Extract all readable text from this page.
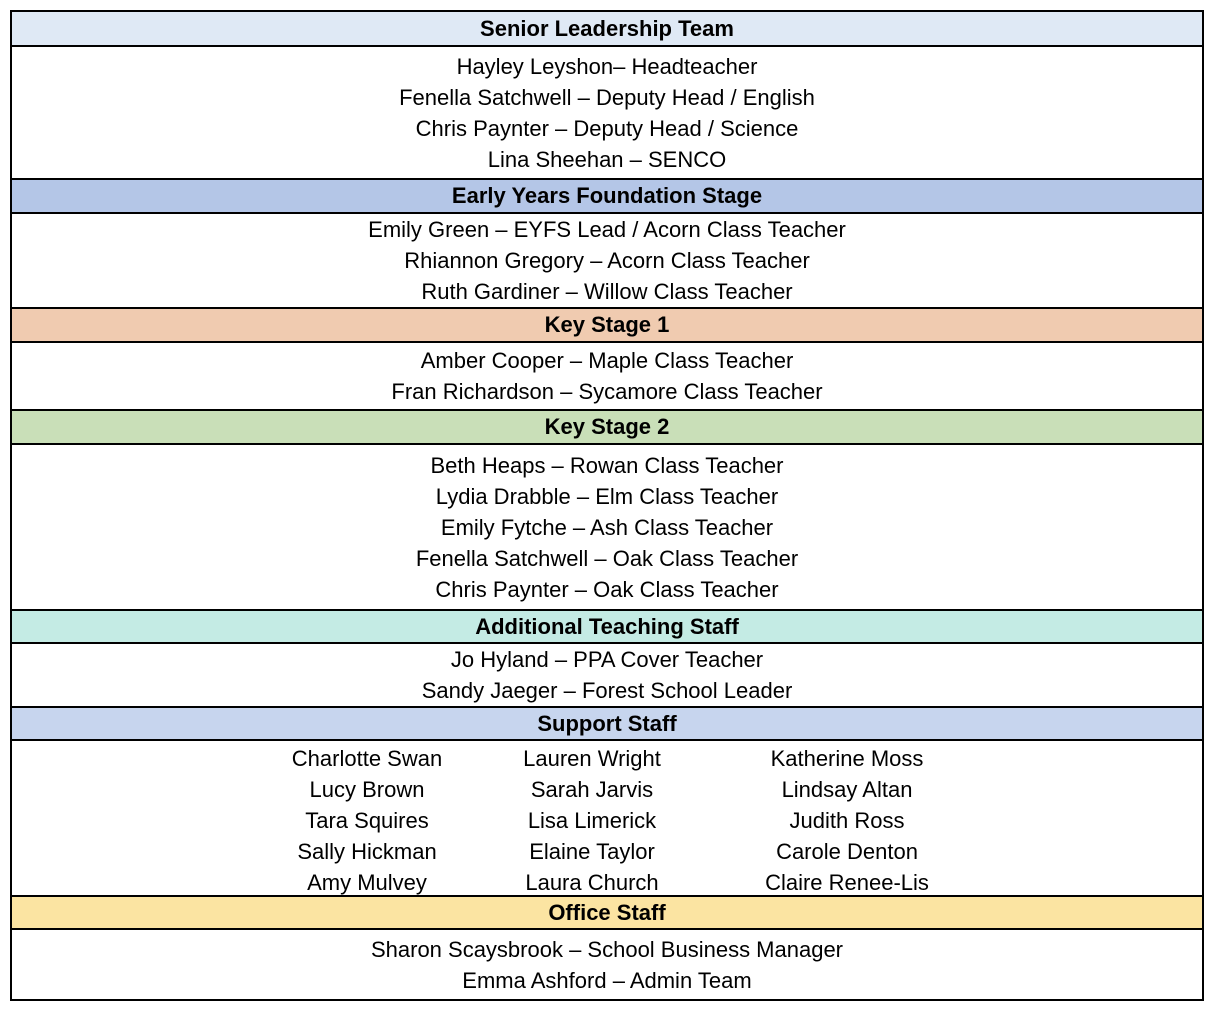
Senior Leadership Team
Hayley Leyshon– Headteacher
Fenella Satchwell – Deputy Head / English
Chris Paynter – Deputy Head / Science
Lina Sheehan – SENCO
Early Years Foundation Stage
Emily Green – EYFS Lead / Acorn Class Teacher
Rhiannon Gregory – Acorn Class Teacher
Ruth Gardiner – Willow Class Teacher
Key Stage 1
Amber Cooper – Maple Class Teacher
Fran Richardson – Sycamore Class Teacher
Key Stage 2
Beth Heaps – Rowan Class Teacher
Lydia Drabble – Elm Class Teacher
Emily Fytche – Ash Class Teacher
Fenella Satchwell – Oak Class Teacher
Chris Paynter – Oak Class Teacher
Additional Teaching Staff
Jo Hyland – PPA Cover Teacher
Sandy Jaeger – Forest School Leader
Support Staff
Charlotte Swan
Lucy Brown
Tara Squires
Sally Hickman
Amy Mulvey
Lauren Wright
Sarah Jarvis
Lisa Limerick
Elaine Taylor
Laura Church
Katherine Moss
Lindsay Altan
Judith Ross
Carole Denton
Claire Renee-Lis
Office Staff
Sharon Scaysbrook – School Business Manager
Emma Ashford – Admin Team
